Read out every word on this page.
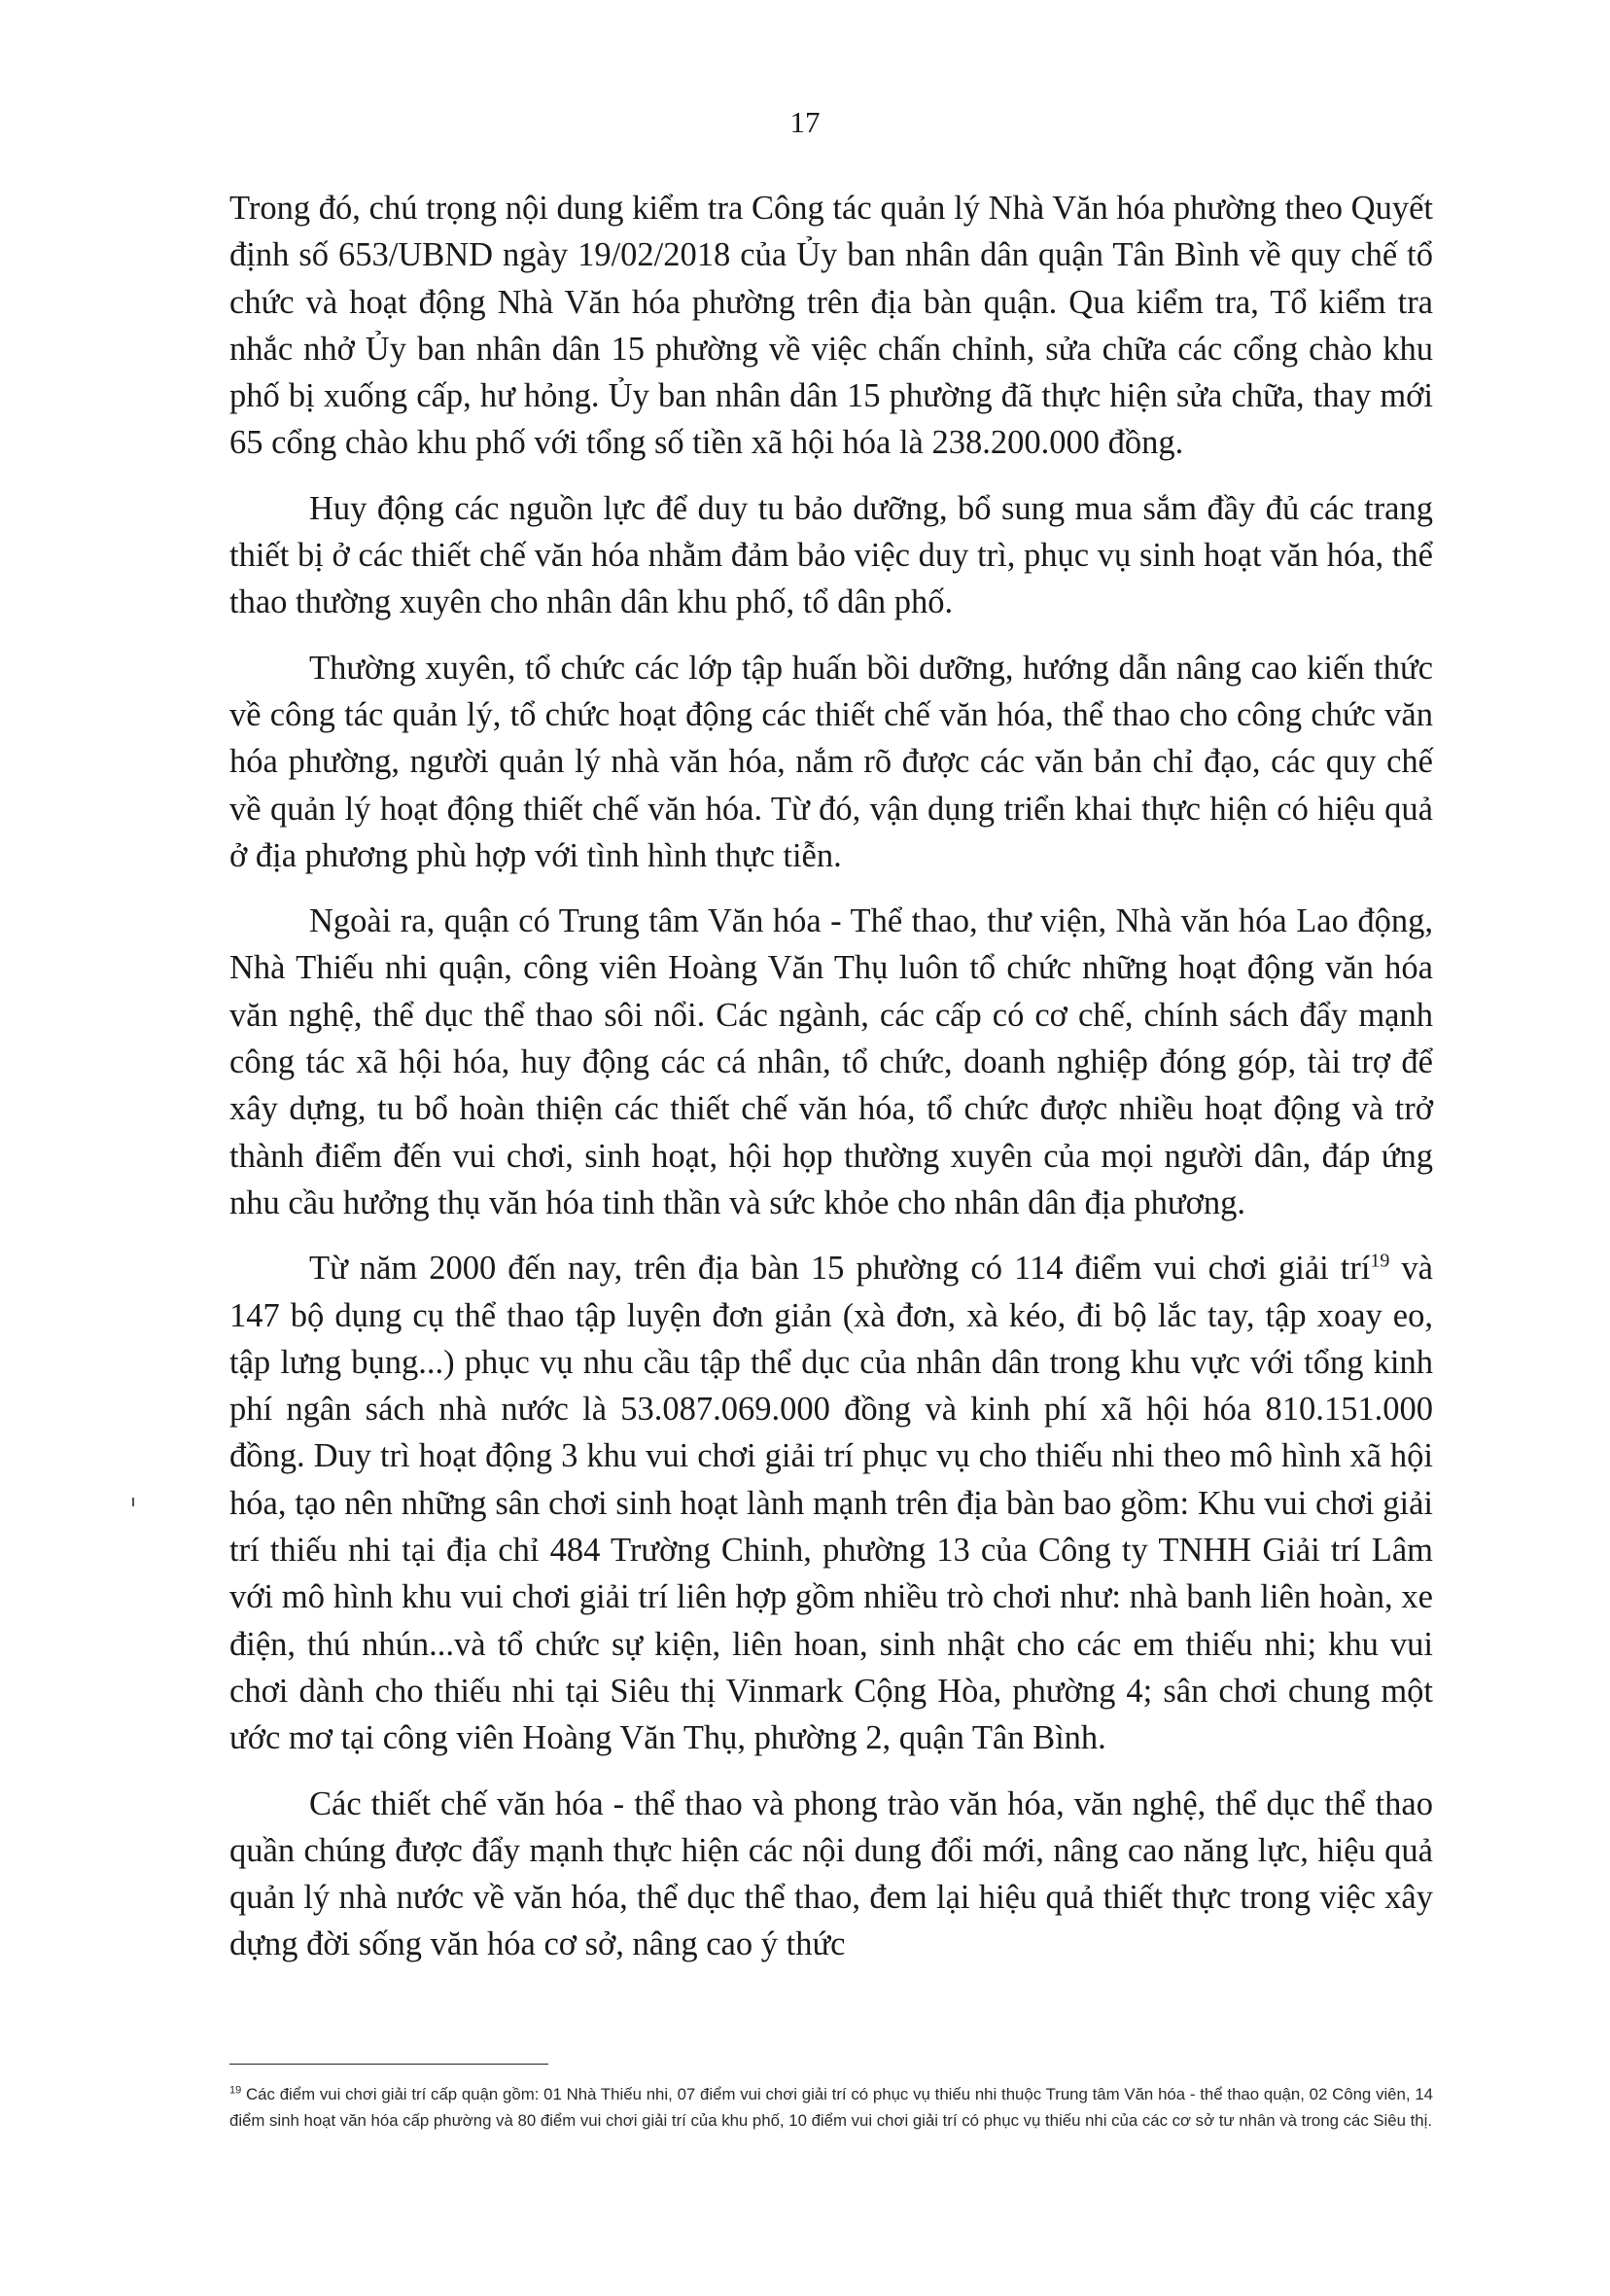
17

Trong đó, chú trọng nội dung kiểm tra Công tác quản lý Nhà Văn hóa phường theo Quyết định số 653/UBND ngày 19/02/2018 của Ủy ban nhân dân quận Tân Bình về quy chế tổ chức và hoạt động Nhà Văn hóa phường trên địa bàn quận. Qua kiểm tra, Tổ kiểm tra nhắc nhở Ủy ban nhân dân 15 phường về việc chấn chỉnh, sửa chữa các cổng chào khu phố bị xuống cấp, hư hỏng. Ủy ban nhân dân 15 phường đã thực hiện sửa chữa, thay mới 65 cổng chào khu phố với tổng số tiền xã hội hóa là 238.200.000 đồng.

Huy động các nguồn lực để duy tu bảo dưỡng, bổ sung mua sắm đầy đủ các trang thiết bị ở các thiết chế văn hóa nhằm đảm bảo việc duy trì, phục vụ sinh hoạt văn hóa, thể thao thường xuyên cho nhân dân khu phố, tổ dân phố.

Thường xuyên, tổ chức các lớp tập huấn bồi dưỡng, hướng dẫn nâng cao kiến thức về công tác quản lý, tổ chức hoạt động các thiết chế văn hóa, thể thao cho công chức văn hóa phường, người quản lý nhà văn hóa, nắm rõ được các văn bản chỉ đạo, các quy chế về quản lý hoạt động thiết chế văn hóa. Từ đó, vận dụng triển khai thực hiện có hiệu quả ở địa phương phù hợp với tình hình thực tiễn.

Ngoài ra, quận có Trung tâm Văn hóa - Thể thao, thư viện, Nhà văn hóa Lao động, Nhà Thiếu nhi quận, công viên Hoàng Văn Thụ luôn tổ chức những hoạt động văn hóa văn nghệ, thể dục thể thao sôi nổi. Các ngành, các cấp có cơ chế, chính sách đẩy mạnh công tác xã hội hóa, huy động các cá nhân, tổ chức, doanh nghiệp đóng góp, tài trợ để xây dựng, tu bổ hoàn thiện các thiết chế văn hóa, tổ chức được nhiều hoạt động và trở thành điểm đến vui chơi, sinh hoạt, hội họp thường xuyên của mọi người dân, đáp ứng nhu cầu hưởng thụ văn hóa tinh thần và sức khỏe cho nhân dân địa phương.

Từ năm 2000 đến nay, trên địa bàn 15 phường có 114 điểm vui chơi giải trí$^{19}$ và 147 bộ dụng cụ thể thao tập luyện đơn giản (xà đơn, xà kéo, đi bộ lắc tay, tập xoay eo, tập lưng bụng...) phục vụ nhu cầu tập thể dục của nhân dân trong khu vực với tổng kinh phí ngân sách nhà nước là 53.087.069.000 đồng và kinh phí xã hội hóa 810.151.000 đồng. Duy trì hoạt động 3 khu vui chơi giải trí phục vụ cho thiếu nhi theo mô hình xã hội hóa, tạo nên những sân chơi sinh hoạt lành mạnh trên địa bàn bao gồm: Khu vui chơi giải trí thiếu nhi tại địa chỉ 484 Trường Chinh, phường 13 của Công ty TNHH Giải trí Lâm với mô hình khu vui chơi giải trí liên hợp gồm nhiều trò chơi như: nhà banh liên hoàn, xe điện, thú nhún...và tổ chức sự kiện, liên hoan, sinh nhật cho các em thiếu nhi; khu vui chơi dành cho thiếu nhi tại Siêu thị Vinmark Cộng Hòa, phường 4; sân chơi chung một ước mơ tại công viên Hoàng Văn Thụ, phường 2, quận Tân Bình.

Các thiết chế văn hóa - thể thao và phong trào văn hóa, văn nghệ, thể dục thể thao quần chúng được đẩy mạnh thực hiện các nội dung đổi mới, nâng cao năng lực, hiệu quả quản lý nhà nước về văn hóa, thể dục thể thao, đem lại hiệu quả thiết thực trong việc xây dựng đời sống văn hóa cơ sở, nâng cao ý thức

$^{19}$ Các điểm vui chơi giải trí cấp quận gồm: 01 Nhà Thiếu nhi, 07 điểm vui chơi giải trí có phục vụ thiếu nhi thuộc Trung tâm Văn hóa - thể thao quận, 02 Công viên, 14 điểm sinh hoạt văn hóa cấp phường và 80 điểm vui chơi giải trí của khu phố, 10 điểm vui chơi giải trí có phục vụ thiếu nhi của các cơ sở tư nhân và trong các Siêu thị.
